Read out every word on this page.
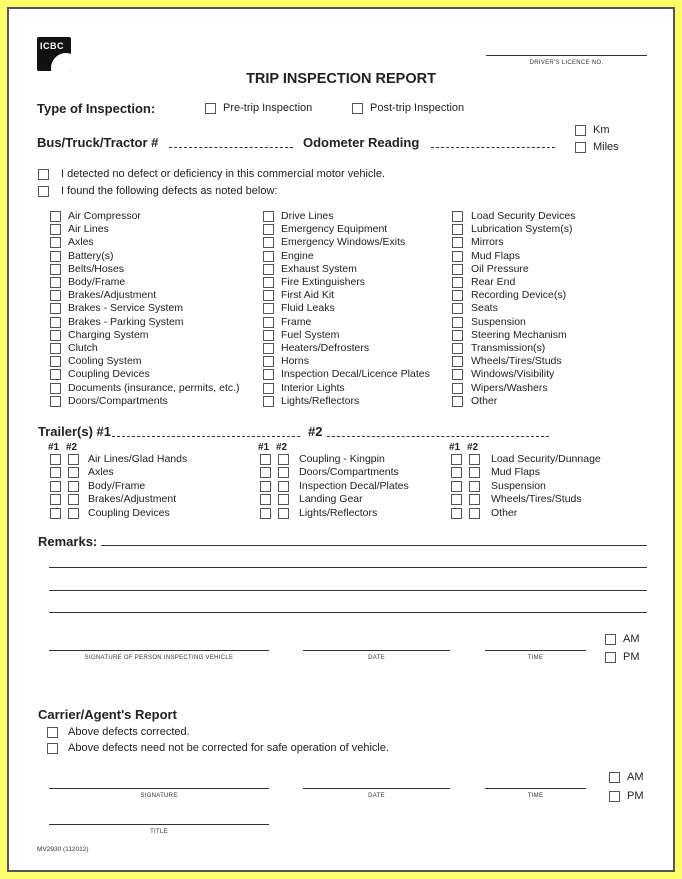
ICBC
DRIVER'S LICENCE NO.
TRIP INSPECTION REPORT
Type of Inspection:	Pre-trip Inspection	Post-trip Inspection
Bus/Truck/Tractor #	Odometer Reading
Km
Miles
I detected no defect or deficiency in this commercial motor vehicle.
I found the following defects as noted below:
Air Compressor
Air Lines
Axles
Battery(s)
Belts/Hoses
Body/Frame
Brakes/Adjustment
Brakes - Service System
Brakes - Parking System
Charging System
Clutch
Cooling System
Coupling Devices
Documents (insurance, permits, etc.)
Doors/Compartments
Drive Lines
Emergency Equipment
Emergency Windows/Exits
Engine
Exhaust System
Fire Extinguishers
First Aid Kit
Fluid Leaks
Frame
Fuel System
Heaters/Defrosters
Horns
Inspection Decal/Licence Plates
Interior Lights
Lights/Reflectors
Load Security Devices
Lubrication System(s)
Mirrors
Mud Flaps
Oil Pressure
Rear End
Recording Device(s)
Seats
Suspension
Steering Mechanism
Transmission(s)
Wheels/Tires/Studs
Windows/Visibility
Wipers/Washers
Other
Trailer(s) #1	#2
#1 #2
Air Lines/Glad Hands
Axles
Body/Frame
Brakes/Adjustment
Coupling Devices
#1 #2
Coupling - Kingpin
Doors/Compartments
Inspection Decal/Plates
Landing Gear
Lights/Reflectors
#1 #2
Load Security/Dunnage
Mud Flaps
Suspension
Wheels/Tires/Studs
Other
Remarks:
SIGNATURE OF PERSON INSPECTING VEHICLE	DATE	TIME
AM
PM
Carrier/Agent's Report
Above defects corrected.
Above defects need not be corrected for safe operation of vehicle.
SIGNATURE	DATE	TIME
AM
PM
TITLE
MV2930 (112012)
